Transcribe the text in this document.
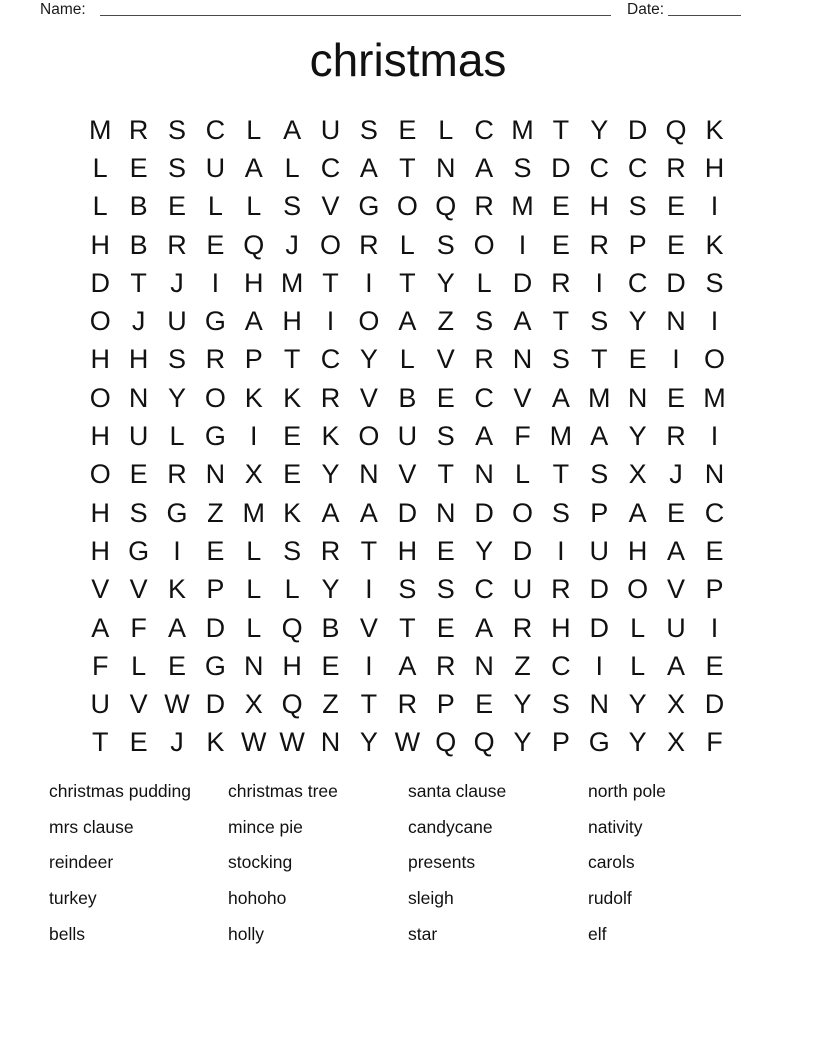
Name:	Date:
christmas
M R S C L A U S E L C M T Y D Q K
L E S U A L C A T N A S D C C R H
L B E L L S V G O Q R M E H S E I
H B R E Q J O R L S O I E R P E K
D T J	I H M T I T Y L D R I C D S
O J U G A H I O A Z S A T S Y N I
H H S R P T C Y L V R N S T E I O
O N Y O K K R V B E C V A M N E M
H U L G I E K O U S A F M A Y R I
O E R N X E Y N V T N L T S X J N
H S G Z M K A A D N D O S P A E C
H G I E L S R T H E Y D I U H A E
V V K P L L Y I S S C U R D O V P
A F A D L Q B V T E A R H D L U I
F L E G N H E I A R N Z C I	L A E
U V W D X Q Z T R P E Y S N Y X D
T E J K W W N Y W Q Q Y P G Y X F
christmas pudding
mrs clause
reindeer
turkey
bells
christmas tree
mince pie
stocking
hohoho
holly
santa clause
candycane
presents
sleigh
star
north pole
nativity
carols
rudolf
elf
